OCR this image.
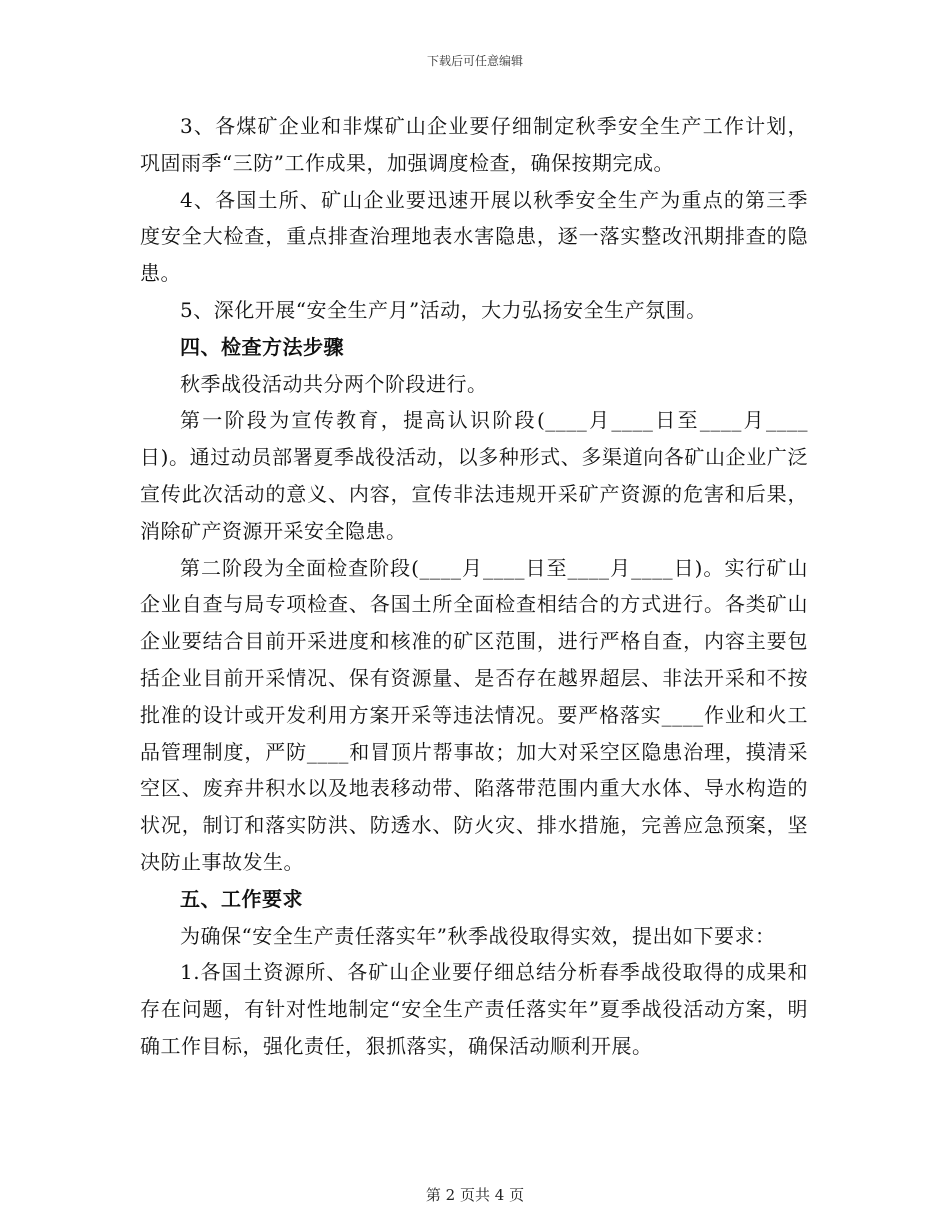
下载后可任意编辑

3、各煤矿企业和非煤矿山企业要仔细制定秋季安全生产工作计划，巩固雨季“三防”工作成果，加强调度检查，确保按期完成。

4、各国土所、矿山企业要迅速开展以秋季安全生产为重点的第三季度安全大检查，重点排查治理地表水害隐患，逐一落实整改汛期排查的隐患。

5、深化开展“安全生产月”活动，大力弘扬安全生产氛围。

四、检查方法步骤

秋季战役活动共分两个阶段进行。

第一阶段为宣传教育，提高认识阶段(____月____日至____月____日)。通过动员部署夏季战役活动，以多种形式、多渠道向各矿山企业广泛宣传此次活动的意义、内容，宣传非法违规开采矿产资源的危害和后果，消除矿产资源开采安全隐患。

第二阶段为全面检查阶段(____月____日至____月____日)。实行矿山企业自查与局专项检查、各国土所全面检查相结合的方式进行。各类矿山企业要结合目前开采进度和核准的矿区范围，进行严格自查，内容主要包括企业目前开采情况、保有资源量、是否存在越界超层、非法开采和不按批准的设计或开发利用方案开采等违法情况。要严格落实____作业和火工品管理制度，严防____和冒顶片帮事故；加大对采空区隐患治理，摸清采空区、废弃井积水以及地表移动带、陷落带范围内重大水体、导水构造的状况，制订和落实防洪、防透水、防火灾、排水措施，完善应急预案，坚决防止事故发生。

五、工作要求

为确保“安全生产责任落实年”秋季战役取得实效，提出如下要求：

1.各国土资源所、各矿山企业要仔细总结分析春季战役取得的成果和存在问题，有针对性地制定“安全生产责任落实年”夏季战役活动方案，明确工作目标，强化责任，狠抓落实，确保活动顺利开展。

第 2 页共 4 页
